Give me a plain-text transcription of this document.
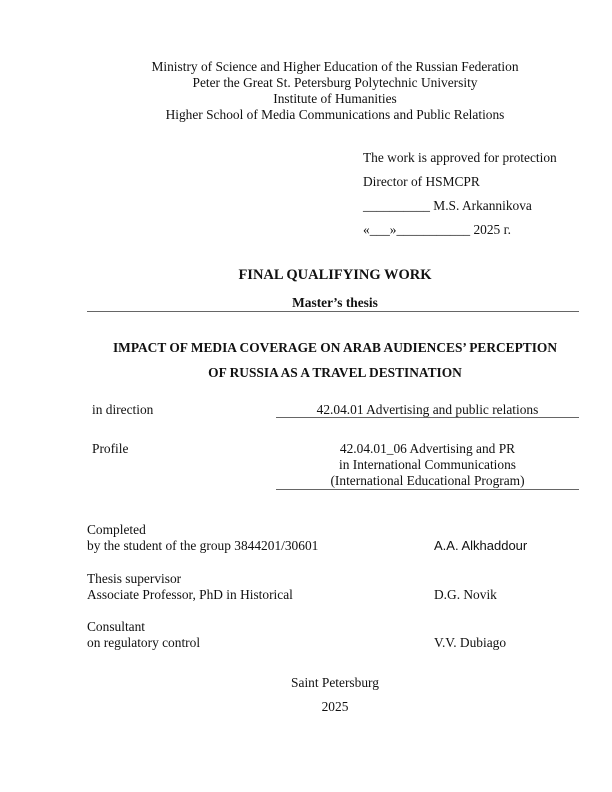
Ministry of Science and Higher Education of the Russian Federation
Peter the Great St. Petersburg Polytechnic University
Institute of Humanities
Higher School of Media Communications and Public Relations
The work is approved for protection
Director of HSMCPR
__________ M.S. Arkannikova
«___»___________ 2025 г.
FINAL QUALIFYING WORK
Master’s thesis
IMPACT OF MEDIA COVERAGE ON ARAB AUDIENCES’ PERCEPTION
OF RUSSIA AS A TRAVEL DESTINATION
in direction	42.04.01 Advertising and public relations
Profile	42.04.01_06 Advertising and PR
in International Communications
(International Educational Program)
Completed
by the student of the group 3844201/30601	A.A. Alkhaddour
Thesis supervisor
Associate Professor, PhD in Historical	D.G. Novik
Consultant
on regulatory control	V.V. Dubiago
Saint Petersburg
2025
